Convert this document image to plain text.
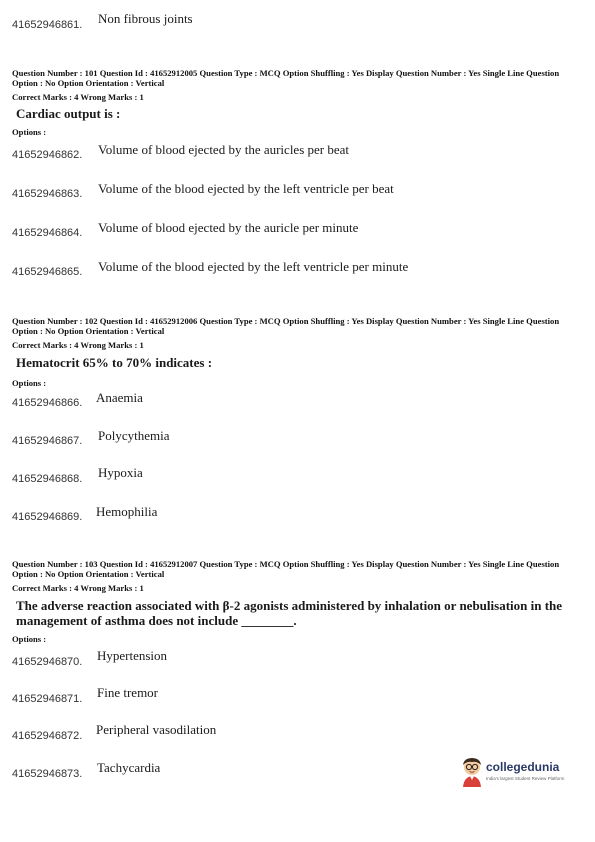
41652946861. Non fibrous joints
Question Number : 101 Question Id : 41652912005 Question Type : MCQ Option Shuffling : Yes Display Question Number : Yes Single Line Question Option : No Option Orientation : Vertical
Correct Marks : 4 Wrong Marks : 1
Cardiac output is :
Options :
41652946862. Volume of blood ejected by the auricles per beat
41652946863. Volume of the blood ejected by the left ventricle per beat
41652946864. Volume of blood ejected by the auricle per minute
41652946865. Volume of the blood ejected by the left ventricle per minute
Question Number : 102 Question Id : 41652912006 Question Type : MCQ Option Shuffling : Yes Display Question Number : Yes Single Line Question Option : No Option Orientation : Vertical
Correct Marks : 4 Wrong Marks : 1
Hematocrit 65% to 70% indicates :
Options :
41652946866. Anaemia
41652946867. Polycythemia
41652946868. Hypoxia
41652946869. Hemophilia
Question Number : 103 Question Id : 41652912007 Question Type : MCQ Option Shuffling : Yes Display Question Number : Yes Single Line Question Option : No Option Orientation : Vertical
Correct Marks : 4 Wrong Marks : 1
The adverse reaction associated with β-2 agonists administered by inhalation or nebulisation in the management of asthma does not include ________.
Options :
41652946870. Hypertension
41652946871. Fine tremor
41652946872. Peripheral vasodilation
41652946873. Tachycardia	collegedunia
India's largest Student Review Platform
